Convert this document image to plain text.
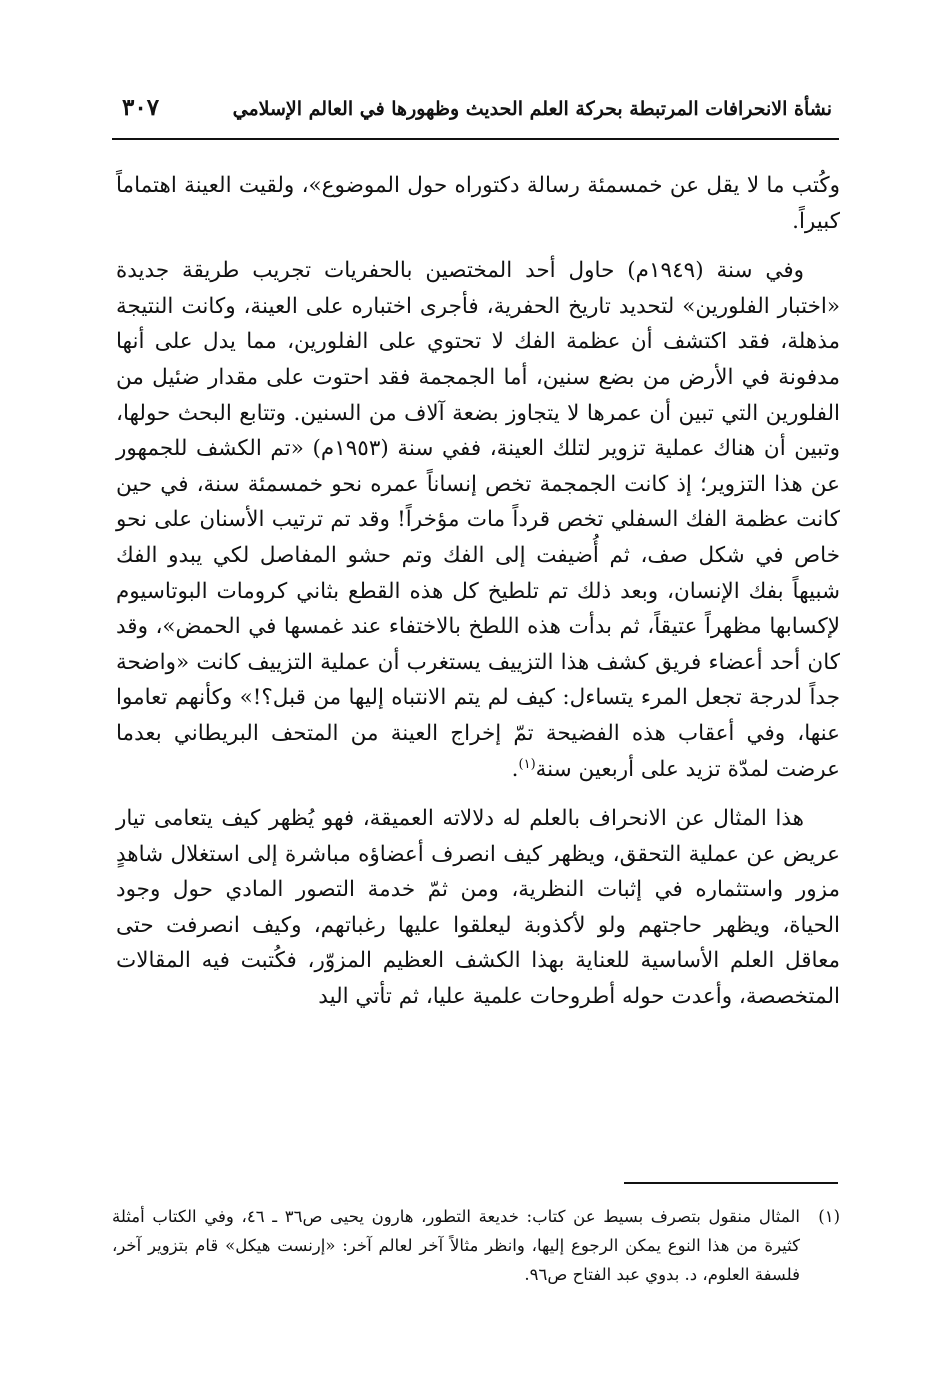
نشأة الانحرافات المرتبطة بحركة العلم الحديث وظهورها في العالم الإسلامي
٣٠٧

وكُتب ما لا يقل عن خمسمئة رسالة دكتوراه حول الموضوع»، ولقيت العينة اهتماماً كبيراً.

وفي سنة (١٩٤٩م) حاول أحد المختصين بالحفريات تجريب طريقة جديدة «اختبار الفلورين» لتحديد تاريخ الحفرية، فأجرى اختباره على العينة، وكانت النتيجة مذهلة، فقد اكتشف أن عظمة الفك لا تحتوي على الفلورين، مما يدل على أنها مدفونة في الأرض من بضع سنين، أما الجمجمة فقد احتوت على مقدار ضئيل من الفلورين التي تبين أن عمرها لا يتجاوز بضعة آلاف من السنين. وتتابع البحث حولها، وتبين أن هناك عملية تزوير لتلك العينة، ففي سنة (١٩٥٣م) «تم الكشف للجمهور عن هذا التزوير؛ إذ كانت الجمجمة تخص إنساناً عمره نحو خمسمئة سنة، في حين كانت عظمة الفك السفلي تخص قرداً مات مؤخراً! وقد تم ترتيب الأسنان على نحو خاص في شكل صف، ثم أُضيفت إلى الفك وتم حشو المفاصل لكي يبدو الفك شبيهاً بفك الإنسان، وبعد ذلك تم تلطيخ كل هذه القطع بثاني كرومات البوتاسيوم لإكسابها مظهراً عتيقاً، ثم بدأت هذه اللطخ بالاختفاء عند غمسها في الحمض»، وقد كان أحد أعضاء فريق كشف هذا التزييف يستغرب أن عملية التزييف كانت «واضحة جداً لدرجة تجعل المرء يتساءل: كيف لم يتم الانتباه إليها من قبل؟!» وكأنهم تعاموا عنها، وفي أعقاب هذه الفضيحة تمّ إخراج العينة من المتحف البريطاني بعدما عرضت لمدّة تزيد على أربعين سنة$^{(١)}$.

هذا المثال عن الانحراف بالعلم له دلالاته العميقة، فهو يُظهر كيف يتعامى تيار عريض عن عملية التحقق، ويظهر كيف انصرف أعضاؤه مباشرة إلى استغلال شاهدٍ مزور واستثماره في إثبات النظرية، ومن ثمّ خدمة التصور المادي حول وجود الحياة، ويظهر حاجتهم ولو لأكذوبة ليعلقوا عليها رغباتهم، وكيف انصرفت حتى معاقل العلم الأساسية للعناية بهذا الكشف العظيم المزوّر، فكُتبت فيه المقالات المتخصصة، وأعدت حوله أطروحات علمية عليا، ثم تأتي اليد

(١)
المثال منقول بتصرف بسيط عن كتاب: خديعة التطور، هارون يحيى ص٣٦ ـ ٤٦، وفي الكتاب أمثلة كثيرة من هذا النوع يمكن الرجوع إليها، وانظر مثالاً آخر لعالم آخر: «إرنست هيكل» قام بتزوير آخر، فلسفة العلوم، د. بدوي عبد الفتاح ص٩٦.
